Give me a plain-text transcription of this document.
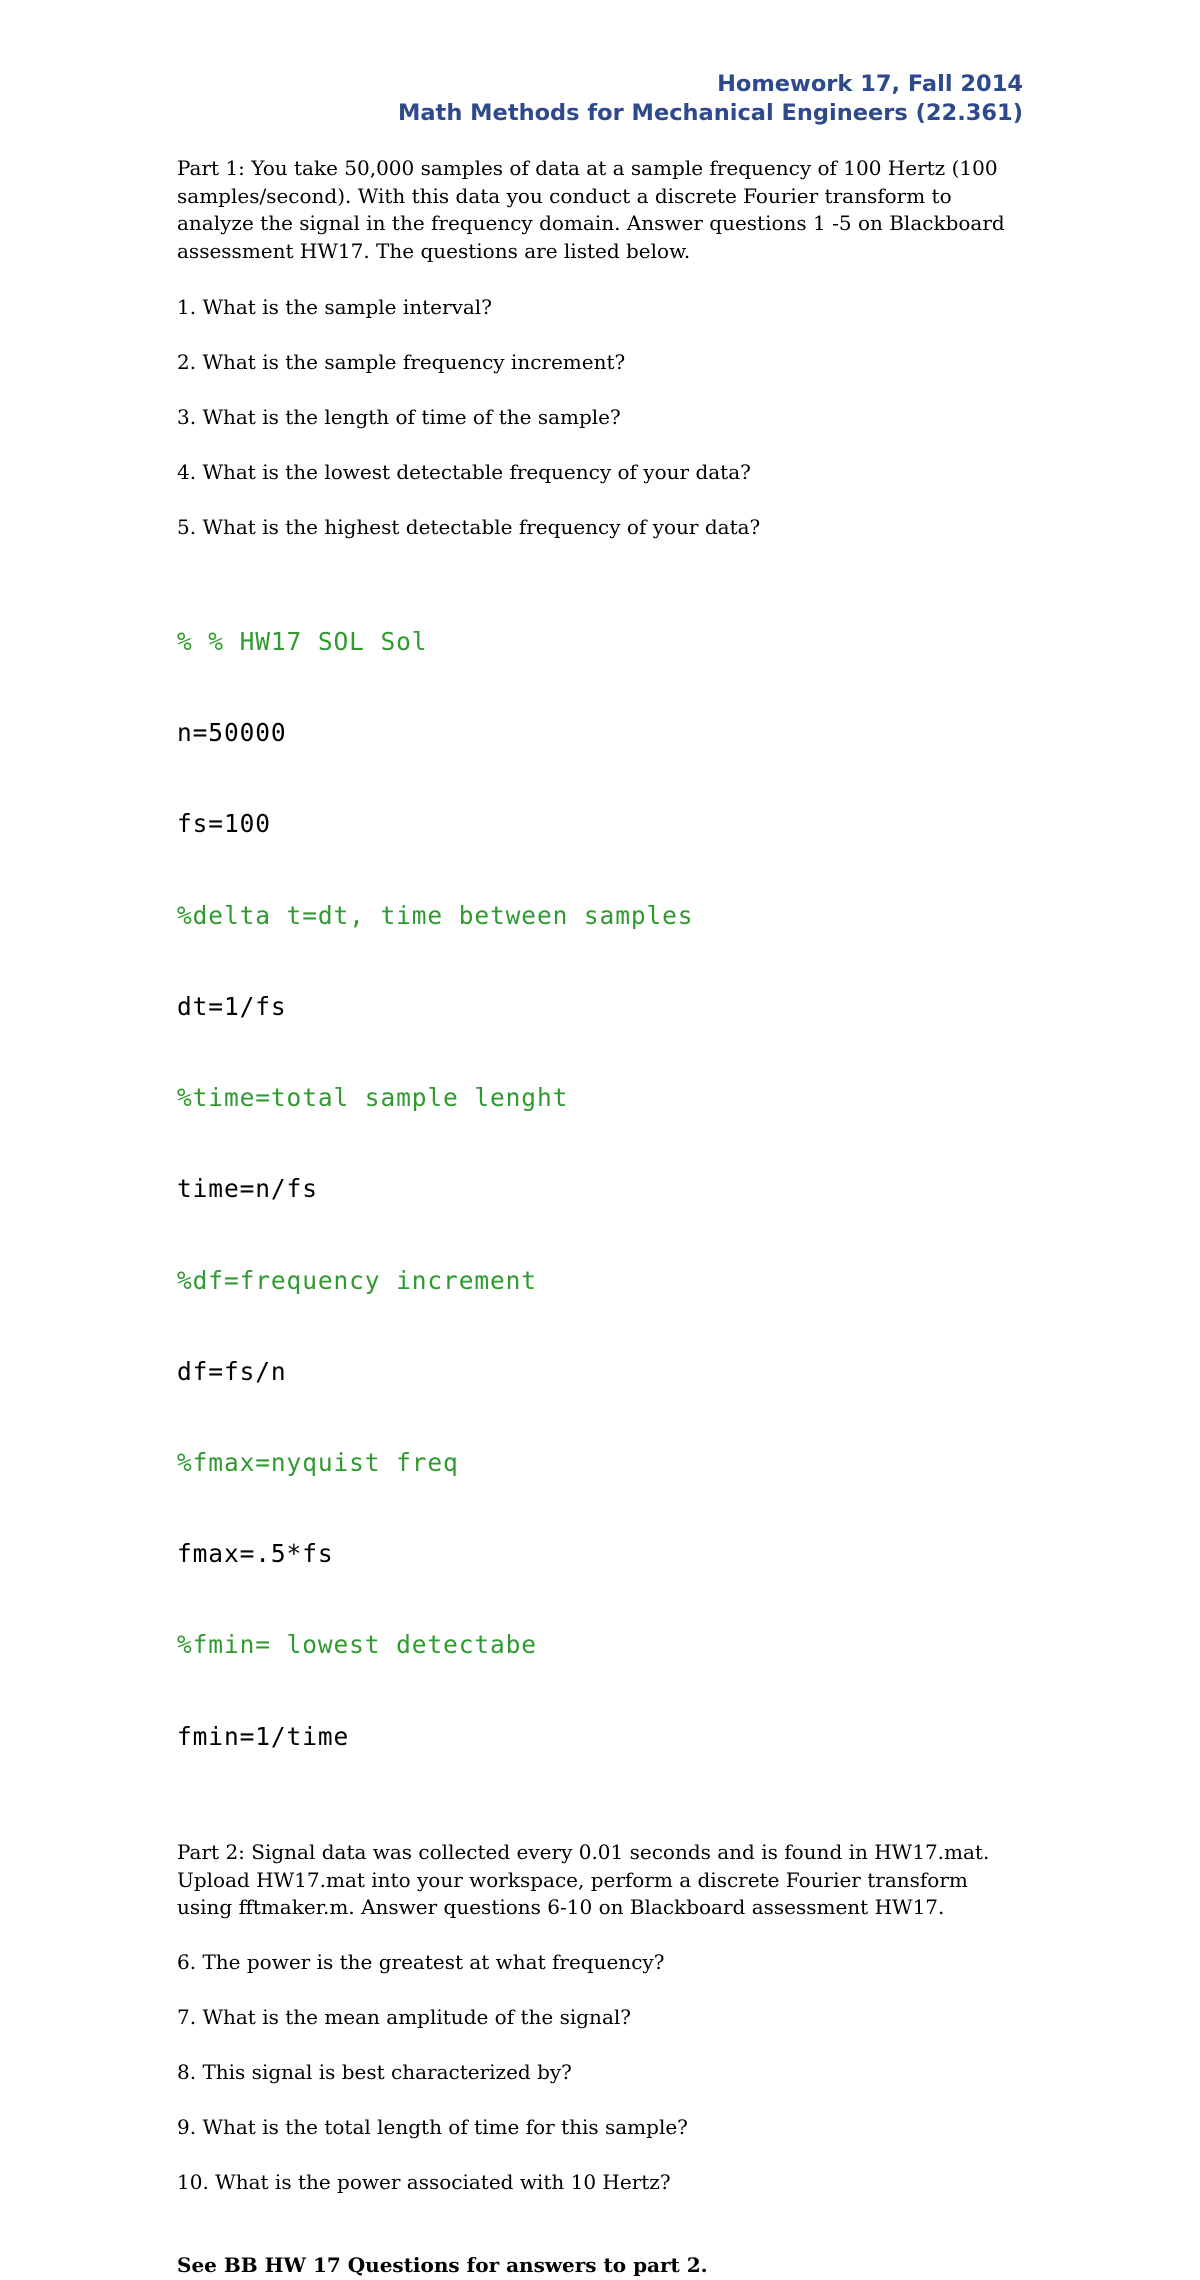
Homework 17, Fall 2014
Math Methods for Mechanical Engineers (22.361)

Part 1: You take 50,000 samples of data at a sample frequency of 100 Hertz (100 samples/second). With this data you conduct a discrete Fourier transform to analyze the signal in the frequency domain. Answer questions 1 -5 on Blackboard assessment HW17. The questions are listed below.

1. What is the sample interval?

2. What is the sample frequency increment?

3. What is the length of time of the sample?

4. What is the lowest detectable frequency of your data?

5. What is the highest detectable frequency of your data?

% % HW17 SOL Sol

n=50000

fs=100

%delta t=dt, time between samples

dt=1/fs

%time=total sample lenght

time=n/fs

%df=frequency increment

df=fs/n

%fmax=nyquist freq

fmax=.5*fs

%fmin= lowest detectabe

fmin=1/time

Part 2: Signal data was collected every 0.01 seconds and is found in HW17.mat. Upload HW17.mat into your workspace, perform a discrete Fourier transform using fftmaker.m. Answer questions 6-10 on Blackboard assessment HW17.

6. The power is the greatest at what frequency?

7. What is the mean amplitude of the signal?

8. This signal is best characterized by?

9. What is the total length of time for this sample?

10. What is the power associated with 10 Hertz?

See BB HW 17 Questions for answers to part 2.
